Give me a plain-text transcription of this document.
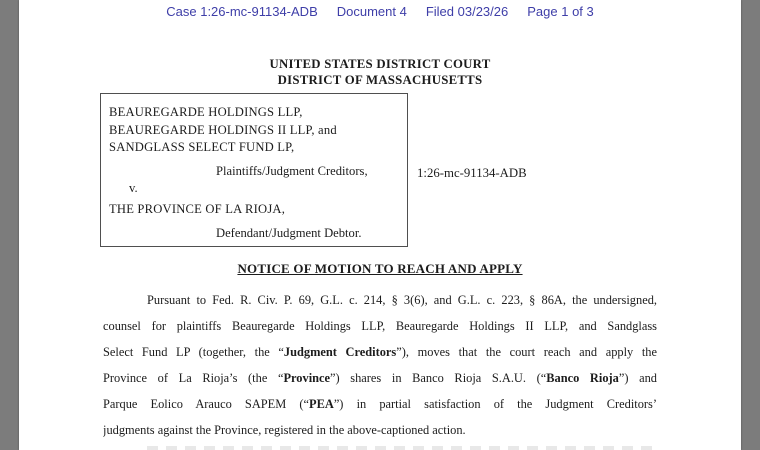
Case 1:26-mc-91134-ADB Document 4 Filed 03/23/26 Page 1 of 3
UNITED STATES DISTRICT COURT
DISTRICT OF MASSACHUSETTS
BEAUREGARDE HOLDINGS LLP,
BEAUREGARDE HOLDINGS II LLP, and
SANDGLASS SELECT FUND LP,
Plaintiffs/Judgment Creditors,
v.
THE PROVINCE OF LA RIOJA,
Defendant/Judgment Debtor.
1:26-mc-91134-ADB
NOTICE OF MOTION TO REACH AND APPLY
Pursuant to Fed. R. Civ. P. 69, G.L. c. 214, § 3(6), and G.L. c. 223, § 86A, the undersigned,
counsel for plaintiffs Beauregarde Holdings LLP, Beauregarde Holdings II LLP, and Sandglass
Select Fund LP (together, the “Judgment Creditors”), moves that the court reach and apply the
Province of La Rioja’s (the “Province”) shares in Banco Rioja S.A.U. (“Banco Rioja”) and
Parque Eolico Arauco SAPEM (“PEA”) in partial satisfaction of the Judgment Creditors’
judgments against the Province, registered in the above-captioned action.
